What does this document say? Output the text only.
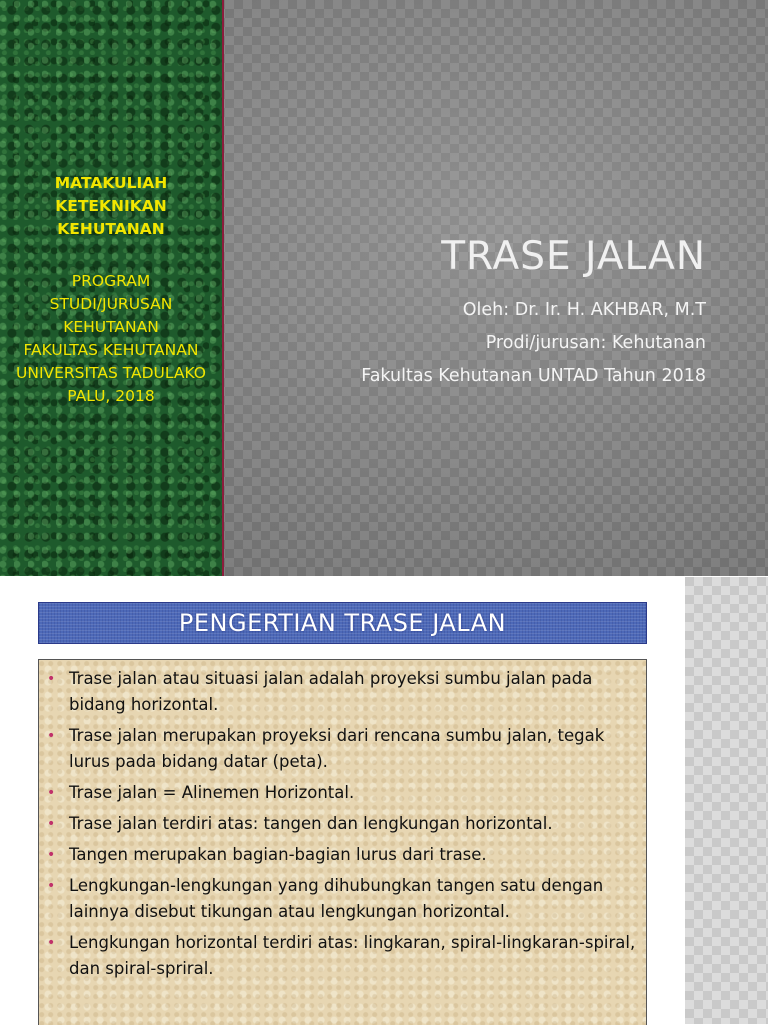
MATAKULIAH
KETEKNIKAN
KEHUTANAN
PROGRAM
STUDI/JURUSAN
KEHUTANAN
FAKULTAS KEHUTANAN
UNIVERSITAS TADULAKO
PALU, 2018
TRASE JALAN
Oleh: Dr. Ir. H. AKHBAR, M.T
Prodi/jurusan: Kehutanan
Fakultas Kehutanan UNTAD Tahun 2018
PENGERTIAN TRASE JALAN
• Trase jalan atau situasi jalan adalah proyeksi sumbu jalan pada bidang horizontal.
• Trase jalan merupakan proyeksi dari rencana sumbu jalan, tegak lurus pada bidang datar (peta).
• Trase jalan = Alinemen Horizontal.
• Trase jalan terdiri atas: tangen dan lengkungan horizontal.
• Tangen merupakan bagian-bagian lurus dari trase.
• Lengkungan-lengkungan yang dihubungkan tangen satu dengan lainnya disebut tikungan atau lengkungan horizontal.
• Lengkungan horizontal terdiri atas: lingkaran, spiral-lingkaran-spiral, dan spiral-spriral.
